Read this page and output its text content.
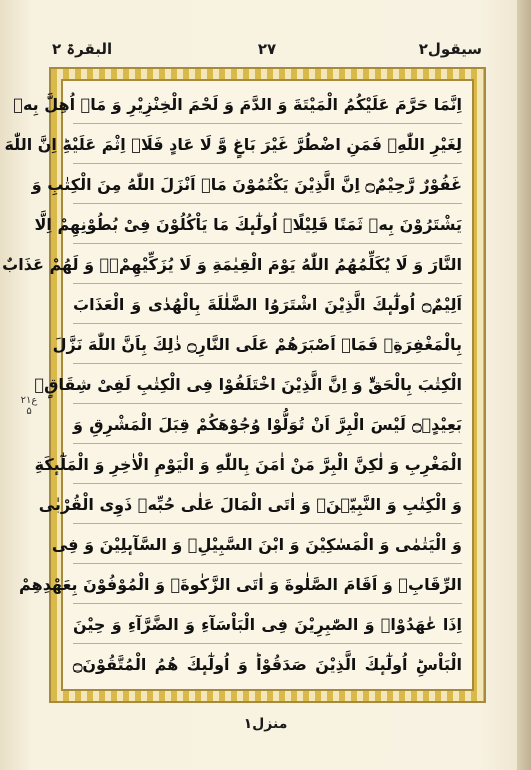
سیقول۲
۲۷
البقرۃ ۲
ع۲۱
۵
اِنَّمَا حَرَّمَ عَلَیْكُمُ الْمَیْتَةَ وَ الدَّمَ وَ لَحْمَ الْخِنْزِیْرِ وَ مَاۤ اُهِلَّ بِهٖ
لِغَیْرِ اللّٰهِۚ فَمَنِ اضْطُرَّ غَیْرَ بَاغٍ وَّ لَا عَادٍ فَلَاۤ اِثْمَ عَلَیْهِؕ اِنَّ اللّٰهَ
غَفُوْرٌ رَّحِیْمٌ۝ اِنَّ الَّذِیْنَ یَكْتُمُوْنَ مَاۤ اَنْزَلَ اللّٰهُ مِنَ الْكِتٰبِ وَ
یَشْتَرُوْنَ بِهٖ ثَمَنًا قَلِیْلًاۙ اُولٰٓىٕكَ مَا یَاْكُلُوْنَ فِیْ بُطُوْنِهِمْ اِلَّا
النَّارَ وَ لَا یُكَلِّمُهُمُ اللّٰهُ یَوْمَ الْقِیٰمَةِ وَ لَا یُزَكِّیْهِمْۚۖ وَ لَهُمْ عَذَابٌ
اَلِیْمٌ۝ اُولٰٓىٕكَ الَّذِیْنَ اشْتَرَوُا الضَّلٰلَةَ بِالْهُدٰى وَ الْعَذَابَ
بِالْمَغْفِرَةِۚ فَمَاۤ اَصْبَرَهُمْ عَلَى النَّارِ۝ ذٰلِكَ بِاَنَّ اللّٰهَ نَزَّلَ
الْكِتٰبَ بِالْحَقِّؕ وَ اِنَّ الَّذِیْنَ اخْتَلَفُوْا فِی الْكِتٰبِ لَفِیْ شِقَاقٍۭ
بَعِیْدٍ۠۝ لَیْسَ الْبِرَّ اَنْ تُوَلُّوْا وُجُوْهَكُمْ قِبَلَ الْمَشْرِقِ وَ
الْمَغْرِبِ وَ لٰكِنَّ الْبِرَّ مَنْ اٰمَنَ بِاللّٰهِ وَ الْیَوْمِ الْاٰخِرِ وَ الْمَلٰٓىٕكَةِ
وَ الْكِتٰبِ وَ النَّبِیّٖنَۚ وَ اٰتَى الْمَالَ عَلٰى حُبِّهٖ ذَوِی الْقُرْبٰى
وَ الْیَتٰمٰى وَ الْمَسٰكِیْنَ وَ ابْنَ السَّبِیْلِۙ وَ السَّآىٕلِیْنَ وَ فِی
الرِّقَابِۚ وَ اَقَامَ الصَّلٰوةَ وَ اٰتَى الزَّكٰوةَۚ وَ الْمُوْفُوْنَ بِعَهْدِهِمْ
اِذَا عٰهَدُوْاۚ وَ الصّٰبِرِیْنَ فِی الْبَاْسَآءِ وَ الضَّرَّآءِ وَ حِیْنَ
الْبَاْسِؕ اُولٰٓىٕكَ الَّذِیْنَ صَدَقُوْاؕ وَ اُولٰٓىٕكَ هُمُ الْمُتَّقُوْنَ۝
منزل۱
